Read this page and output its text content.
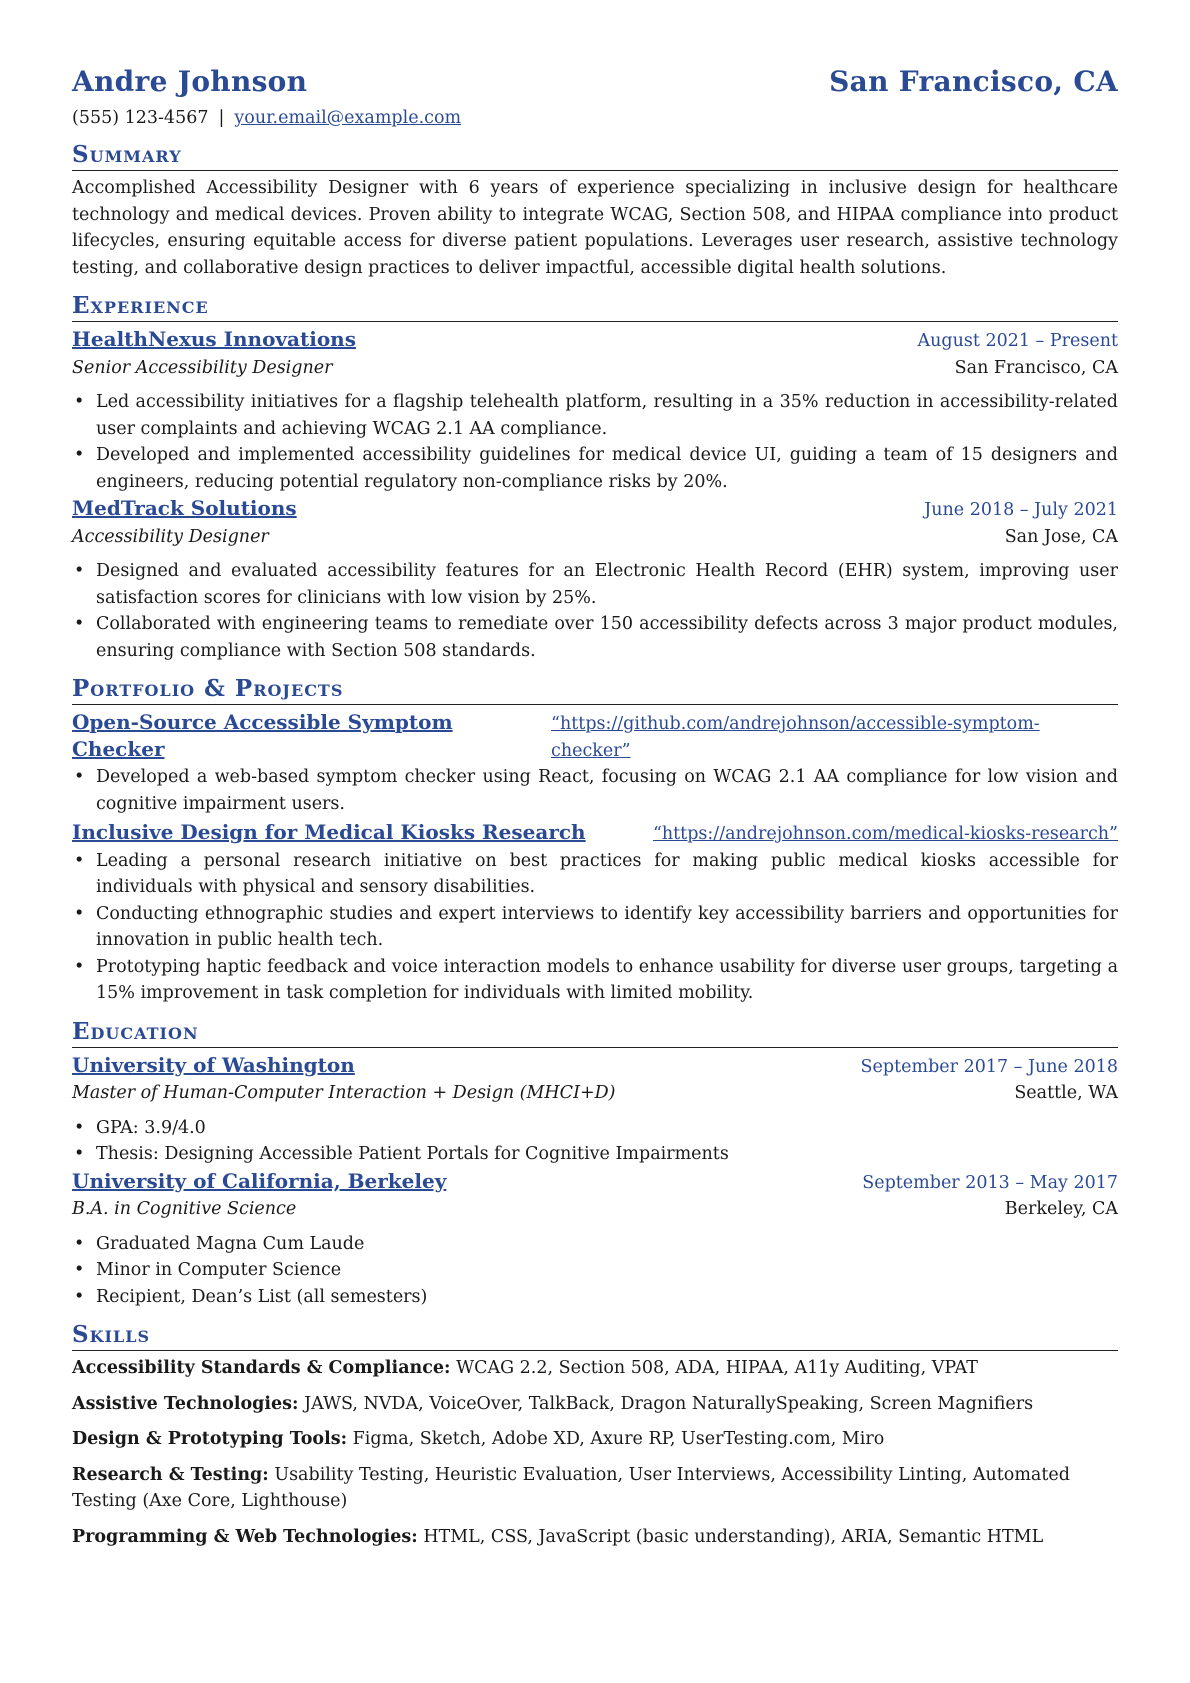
Andre Johnson	San Francisco, CA
(555) 123-4567 | your.email@example.com
Summary
Accomplished Accessibility Designer with 6 years of experience specializing in inclusive design for healthcare technology and medical devices. Proven ability to integrate WCAG, Section 508, and HIPAA compliance into product lifecycles, ensuring equitable access for diverse patient populations. Leverages user research, assistive technology testing, and collaborative design practices to deliver impactful, accessible digital health solutions.
Experience
HealthNexus Innovations	August 2021 – Present
Senior Accessibility Designer	San Francisco, CA
• Led accessibility initiatives for a flagship telehealth platform, resulting in a 35% reduction in accessibility-related user complaints and achieving WCAG 2.1 AA compliance.
• Developed and implemented accessibility guidelines for medical device UI, guiding a team of 15 designers and engineers, reducing potential regulatory non-compliance risks by 20%.
MedTrack Solutions	June 2018 – July 2021
Accessibility Designer	San Jose, CA
• Designed and evaluated accessibility features for an Electronic Health Record (EHR) system, improving user satisfaction scores for clinicians with low vision by 25%.
• Collaborated with engineering teams to remediate over 150 accessibility defects across 3 major product modules, ensuring compliance with Section 508 standards.
Portfolio & Projects
Open-Source Accessible Symptom Checker
“https://github.com/andrejohnson/accessible-symptom-checker”
• Developed a web-based symptom checker using React, focusing on WCAG 2.1 AA compliance for low vision and cognitive impairment users.
Inclusive Design for Medical Kiosks Research	“https://andrejohnson.com/medical-kiosks-research”
• Leading a personal research initiative on best practices for making public medical kiosks accessible for individuals with physical and sensory disabilities.
• Conducting ethnographic studies and expert interviews to identify key accessibility barriers and opportunities for innovation in public health tech.
• Prototyping haptic feedback and voice interaction models to enhance usability for diverse user groups, targeting a 15% improvement in task completion for individuals with limited mobility.
Education
University of Washington	September 2017 – June 2018
Master of Human-Computer Interaction + Design (MHCI+D)	Seattle, WA
• GPA: 3.9/4.0
• Thesis: Designing Accessible Patient Portals for Cognitive Impairments
University of California, Berkeley	September 2013 – May 2017
B.A. in Cognitive Science	Berkeley, CA
• Graduated Magna Cum Laude
• Minor in Computer Science
• Recipient, Dean’s List (all semesters)
Skills
Accessibility Standards & Compliance: WCAG 2.2, Section 508, ADA, HIPAA, A11y Auditing, VPAT
Assistive Technologies: JAWS, NVDA, VoiceOver, TalkBack, Dragon NaturallySpeaking, Screen Magnifiers
Design & Prototyping Tools: Figma, Sketch, Adobe XD, Axure RP, UserTesting.com, Miro
Research & Testing: Usability Testing, Heuristic Evaluation, User Interviews, Accessibility Linting, Automated Testing (Axe Core, Lighthouse)
Programming & Web Technologies: HTML, CSS, JavaScript (basic understanding), ARIA, Semantic HTML
